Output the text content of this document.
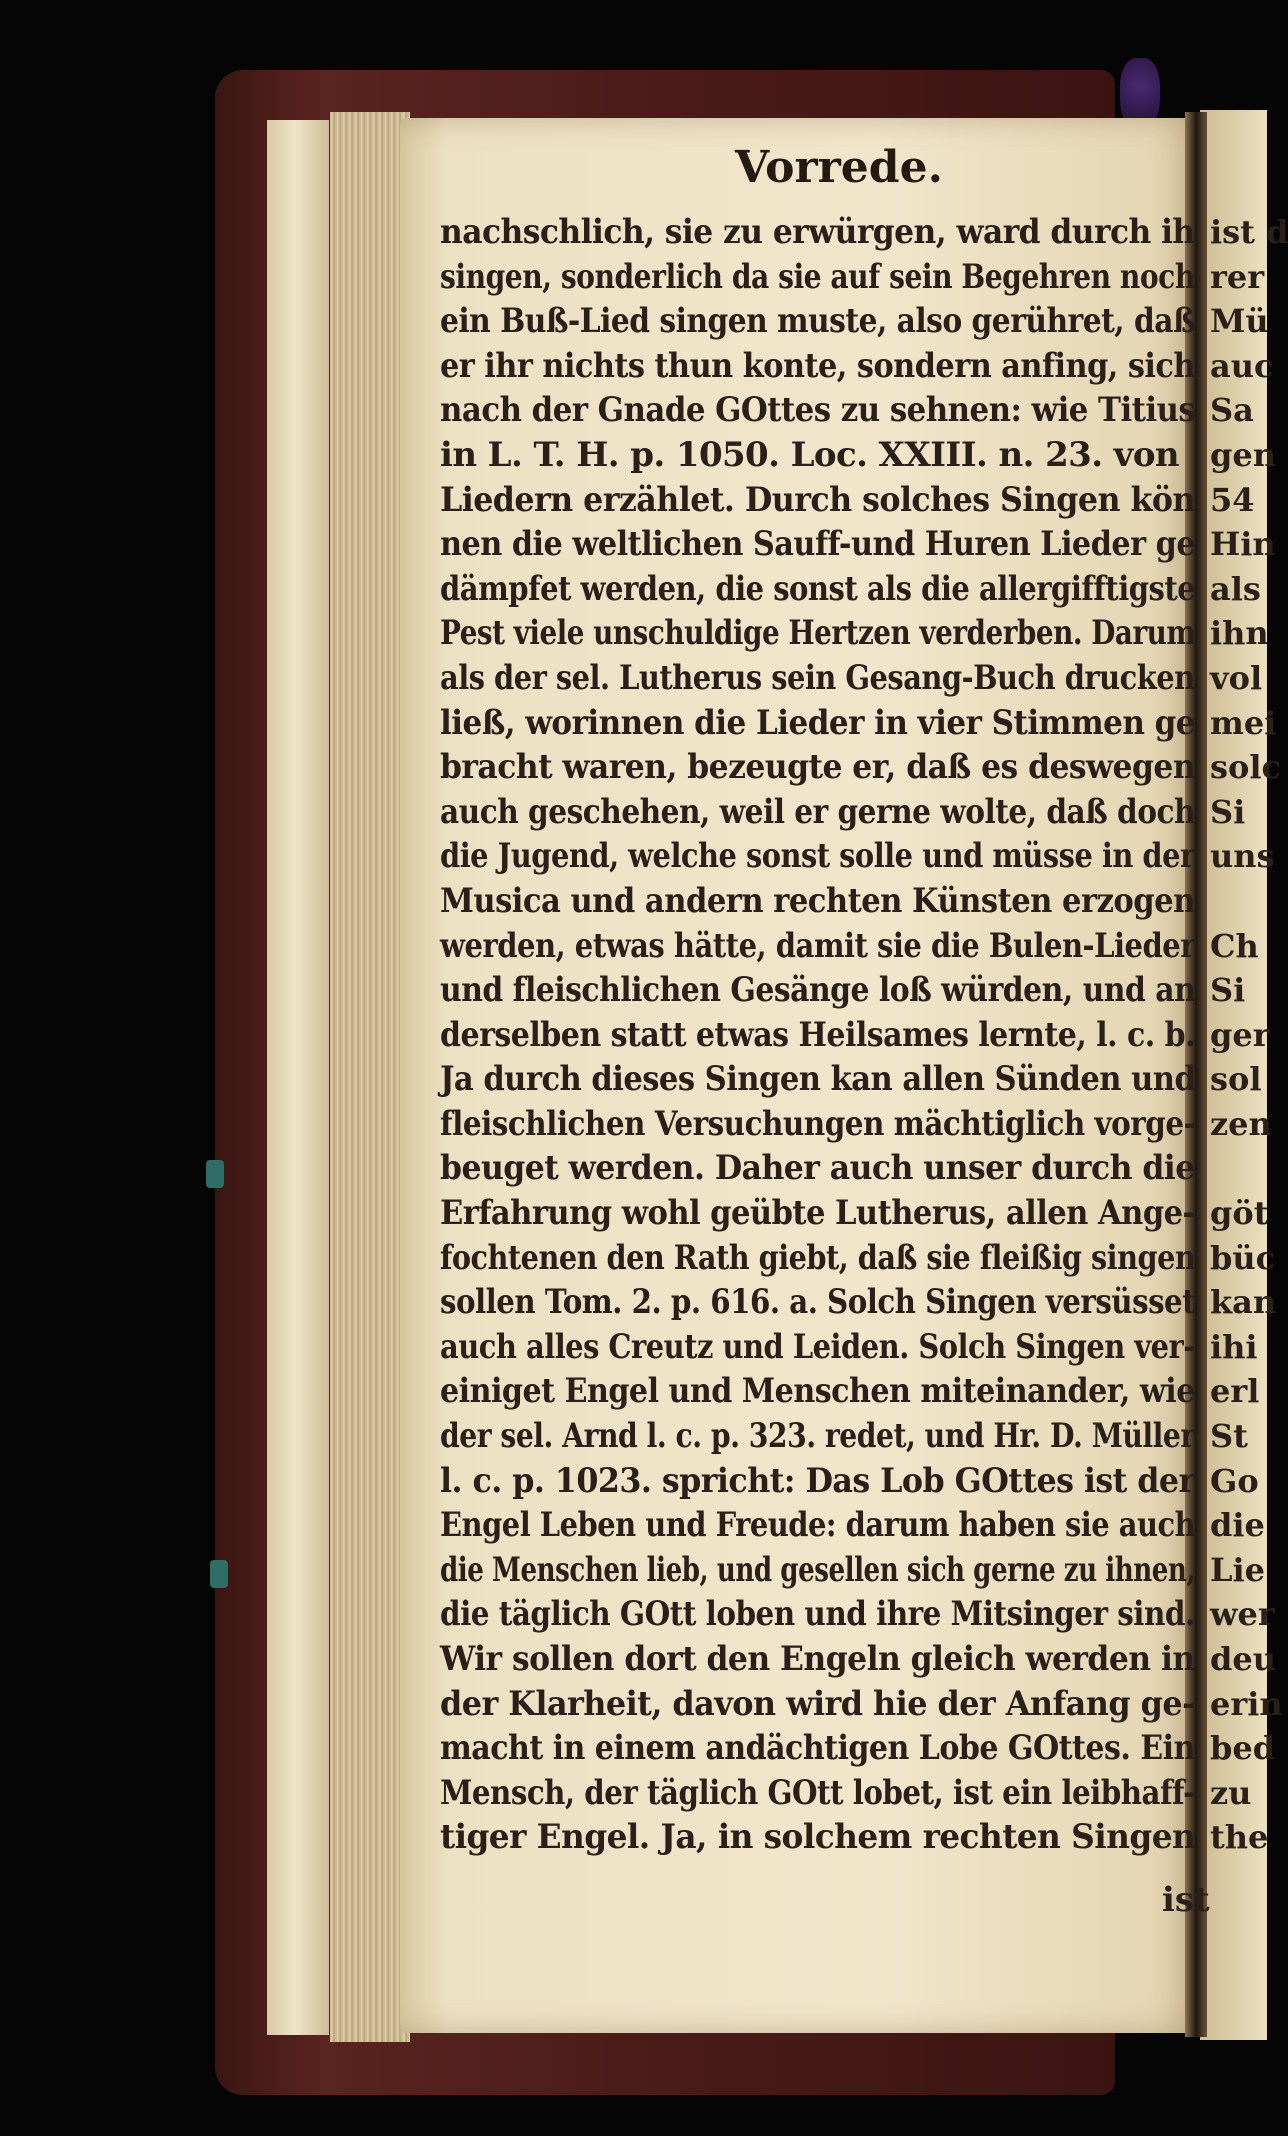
Vorrede.
nachschlich, sie zu erwürgen, ward durch ih
singen, sonderlich da sie auf sein Begehren noch
ein Buß-Lied singen muste, also gerühret, daß
er ihr nichts thun konte, sondern anfing, sich
nach der Gnade GOttes zu sehnen: wie Titius
in L. T. H. p. 1050. Loc. XXIII. n. 23. von
Liedern erzählet. Durch solches Singen kön
nen die weltlichen Sauff-und Huren Lieder ge
dämpfet werden, die sonst als die allergifftigste
Pest viele unschuldige Hertzen verderben. Darum
als der sel. Lutherus sein Gesang-Buch drucken
ließ, worinnen die Lieder in vier Stimmen ge
bracht waren, bezeugte er, daß es deswegen
auch geschehen, weil er gerne wolte, daß doch
die Jugend, welche sonst solle und müsse in der
Musica und andern rechten Künsten erzogen
werden, etwas hätte, damit sie die Bulen-Lieder
und fleischlichen Gesänge loß würden, und an
derselben statt etwas Heilsames lernte, l. c. b.
Ja durch dieses Singen kan allen Sünden und
fleischlichen Versuchungen mächtiglich vorge-
beuget werden. Daher auch unser durch die
Erfahrung wohl geübte Lutherus, allen Ange-
fochtenen den Rath giebt, daß sie fleißig singen
sollen Tom. 2. p. 616. a. Solch Singen versüsset
auch alles Creutz und Leiden. Solch Singen ver-
einiget Engel und Menschen miteinander, wie
der sel. Arnd l. c. p. 323. redet, und Hr. D. Müller
l. c. p. 1023. spricht: Das Lob GOttes ist der
Engel Leben und Freude: darum haben sie auch
die Menschen lieb, und gesellen sich gerne zu ihnen,
die täglich GOtt loben und ihre Mitsinger sind.
Wir sollen dort den Engeln gleich werden in
der Klarheit, davon wird hie der Anfang ge-
macht in einem andächtigen Lobe GOttes. Ein
Mensch, der täglich GOtt lobet, ist ein leibhaff-
tiger Engel. Ja, in solchem rechten Singen
ist
ist d
rer
Mü
auc
Sa
gen
54
Hin
als
ihn
vol
mei
solc
Si
uns
Ch
Si
ger
sol
zen
göt
büc
kan
ihi
erl
St
Go
die
Lie
wer
deu
erin
bed
zu
the
